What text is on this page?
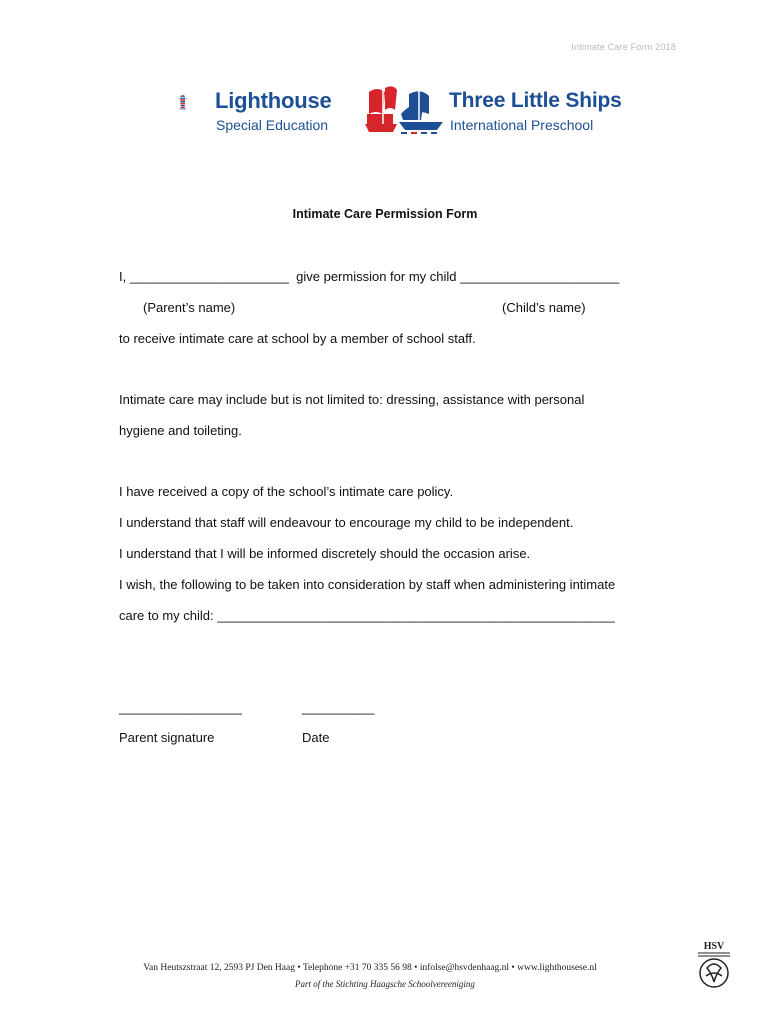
Intimate Care Form 2018
Lighthouse
Special Education
Three Little Ships
International Preschool
Intimate Care Permission Form
I, ______________________  give permission for my child ______________________
(Parent’s name)	(Child’s name)
to receive intimate care at school by a member of school staff.
Intimate care may include but is not limited to: dressing, assistance with personal
hygiene and toileting.
I have received a copy of the school’s intimate care policy.
I understand that staff will endeavour to encourage my child to be independent.
I understand that I will be informed discretely should the occasion arise.
I wish, the following to be taken into consideration by staff when administering intimate
care to my child: _______________________________________________________
_________________	__________
Parent signature	Date
Van Heutszstraat 12, 2593 PJ Den Haag • Telephone +31 70 335 56 98 • infolse@hsvdenhaag.nl • www.lighthousese.nl
Part of the Stichting Haagsche Schoolvereeniging
HSV
